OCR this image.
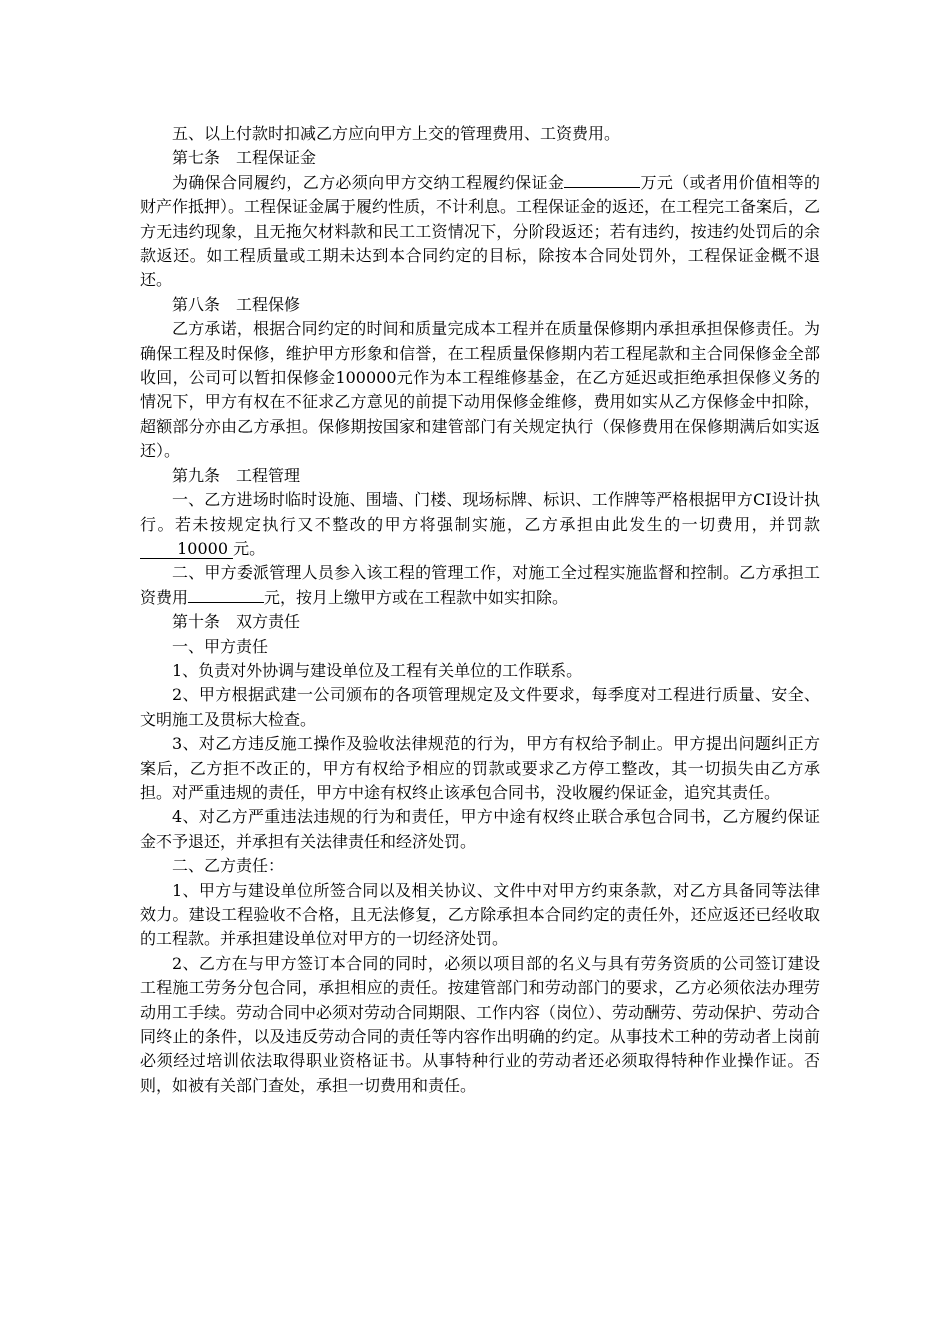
五、以上付款时扣减乙方应向甲方上交的管理费用、工资费用。

第七条　工程保证金

为确保合同履约，乙方必须向甲方交纳工程履约保证金	万元（或者用价值相等的财产作抵押）。工程保证金属于履约性质，不计利息。工程保证金的返还，在工程完工备案后，乙方无违约现象，且无拖欠材料款和民工工资情况下，分阶段返还；若有违约，按违约处罚后的余款返还。如工程质量或工期未达到本合同约定的目标，除按本合同处罚外，工程保证金概不退还。

第八条　工程保修

乙方承诺，根据合同约定的时间和质量完成本工程并在质量保修期内承担承担保修责任。为确保工程及时保修，维护甲方形象和信誉，在工程质量保修期内若工程尾款和主合同保修金全部收回，公司可以暂扣保修金100000元作为本工程维修基金，在乙方延迟或拒绝承担保修义务的情况下，甲方有权在不征求乙方意见的前提下动用保修金维修，费用如实从乙方保修金中扣除，超额部分亦由乙方承担。保修期按国家和建管部门有关规定执行（保修费用在保修期满后如实返还）。

第九条　工程管理

一、乙方进场时临时设施、围墙、门楼、现场标牌、标识、工作牌等严格根据甲方CI设计执行。若未按规定执行又不整改的甲方将强制实施，乙方承担由此发生的一切费用，并罚款 10000 元。

二、甲方委派管理人员参入该工程的管理工作，对施工全过程实施监督和控制。乙方承担工资费用	元，按月上缴甲方或在工程款中如实扣除。

第十条　双方责任

一、甲方责任

1、负责对外协调与建设单位及工程有关单位的工作联系。

2、甲方根据武建一公司颁布的各项管理规定及文件要求，每季度对工程进行质量、安全、文明施工及贯标大检查。

3、对乙方违反施工操作及验收法律规范的行为，甲方有权给予制止。甲方提出问题纠正方案后，乙方拒不改正的，甲方有权给予相应的罚款或要求乙方停工整改，其一切损失由乙方承担。对严重违规的责任，甲方中途有权终止该承包合同书，没收履约保证金，追究其责任。

4、对乙方严重违法违规的行为和责任，甲方中途有权终止联合承包合同书，乙方履约保证金不予退还，并承担有关法律责任和经济处罚。

二、乙方责任：

1、甲方与建设单位所签合同以及相关协议、文件中对甲方约束条款，对乙方具备同等法律效力。建设工程验收不合格，且无法修复，乙方除承担本合同约定的责任外，还应返还已经收取的工程款。并承担建设单位对甲方的一切经济处罚。

2、乙方在与甲方签订本合同的同时，必须以项目部的名义与具有劳务资质的公司签订建设工程施工劳务分包合同，承担相应的责任。按建管部门和劳动部门的要求，乙方必须依法办理劳动用工手续。劳动合同中必须对劳动合同期限、工作内容（岗位）、劳动酬劳、劳动保护、劳动合同终止的条件，以及违反劳动合同的责任等内容作出明确的约定。从事技术工种的劳动者上岗前必须经过培训依法取得职业资格证书。从事特种行业的劳动者还必须取得特种作业操作证。否则，如被有关部门查处，承担一切费用和责任。
